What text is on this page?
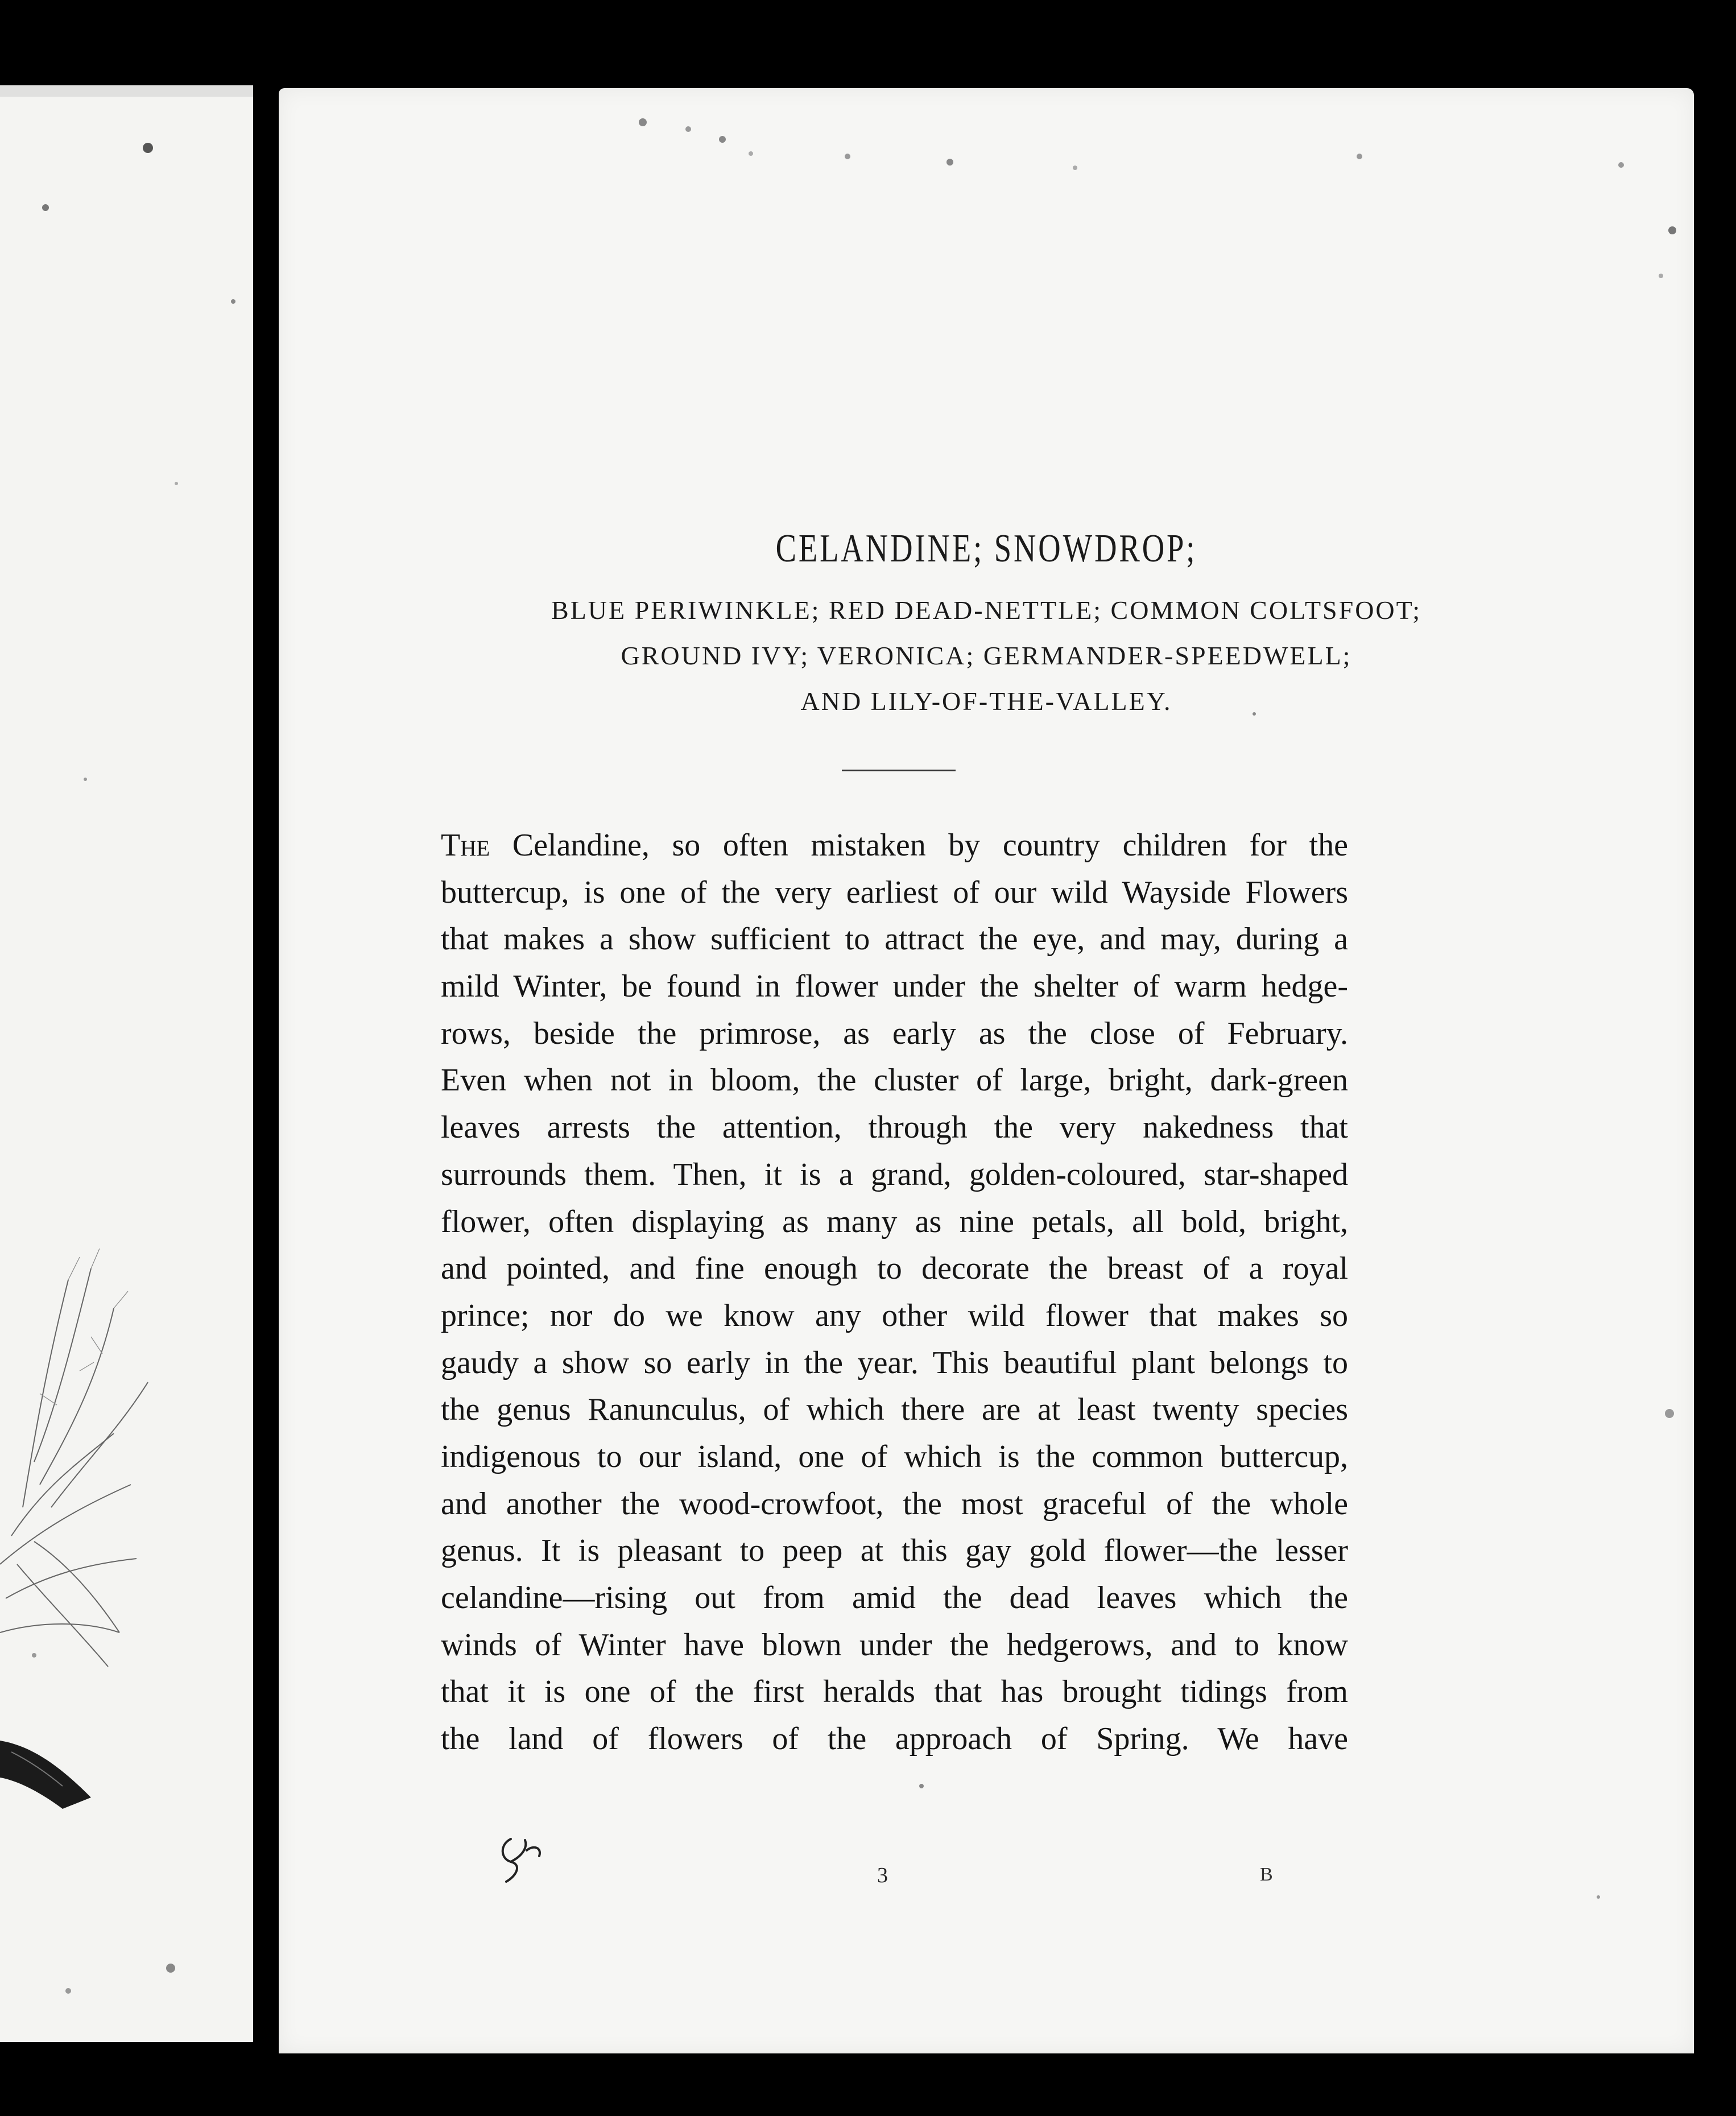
CELANDINE; SNOWDROP;
BLUE PERIWINKLE; RED DEAD-NETTLE; COMMON COLTSFOOT;
GROUND IVY; VERONICA; GERMANDER-SPEEDWELL;
AND LILY-OF-THE-VALLEY.
The Celandine, so often mistaken by country children for the
buttercup, is one of the very earliest of our wild Wayside Flowers
that makes a show sufficient to attract the eye, and may, during a
mild Winter, be found in flower under the shelter of warm hedge-
rows, beside the primrose, as early as the close of February.
Even when not in bloom, the cluster of large, bright, dark-green
leaves arrests the attention, through the very nakedness that
surrounds them. Then, it is a grand, golden-coloured, star-shaped
flower, often displaying as many as nine petals, all bold, bright,
and pointed, and fine enough to decorate the breast of a royal
prince; nor do we know any other wild flower that makes so
gaudy a show so early in the year. This beautiful plant belongs to
the genus Ranunculus, of which there are at least twenty species
indigenous to our island, one of which is the common buttercup,
and another the wood-crowfoot, the most graceful of the whole
genus. It is pleasant to peep at this gay gold flower—the lesser
celandine—rising out from amid the dead leaves which the
winds of Winter have blown under the hedgerows, and to know
that it is one of the first heralds that has brought tidings from
the land of flowers of the approach of Spring. We have
3	B
